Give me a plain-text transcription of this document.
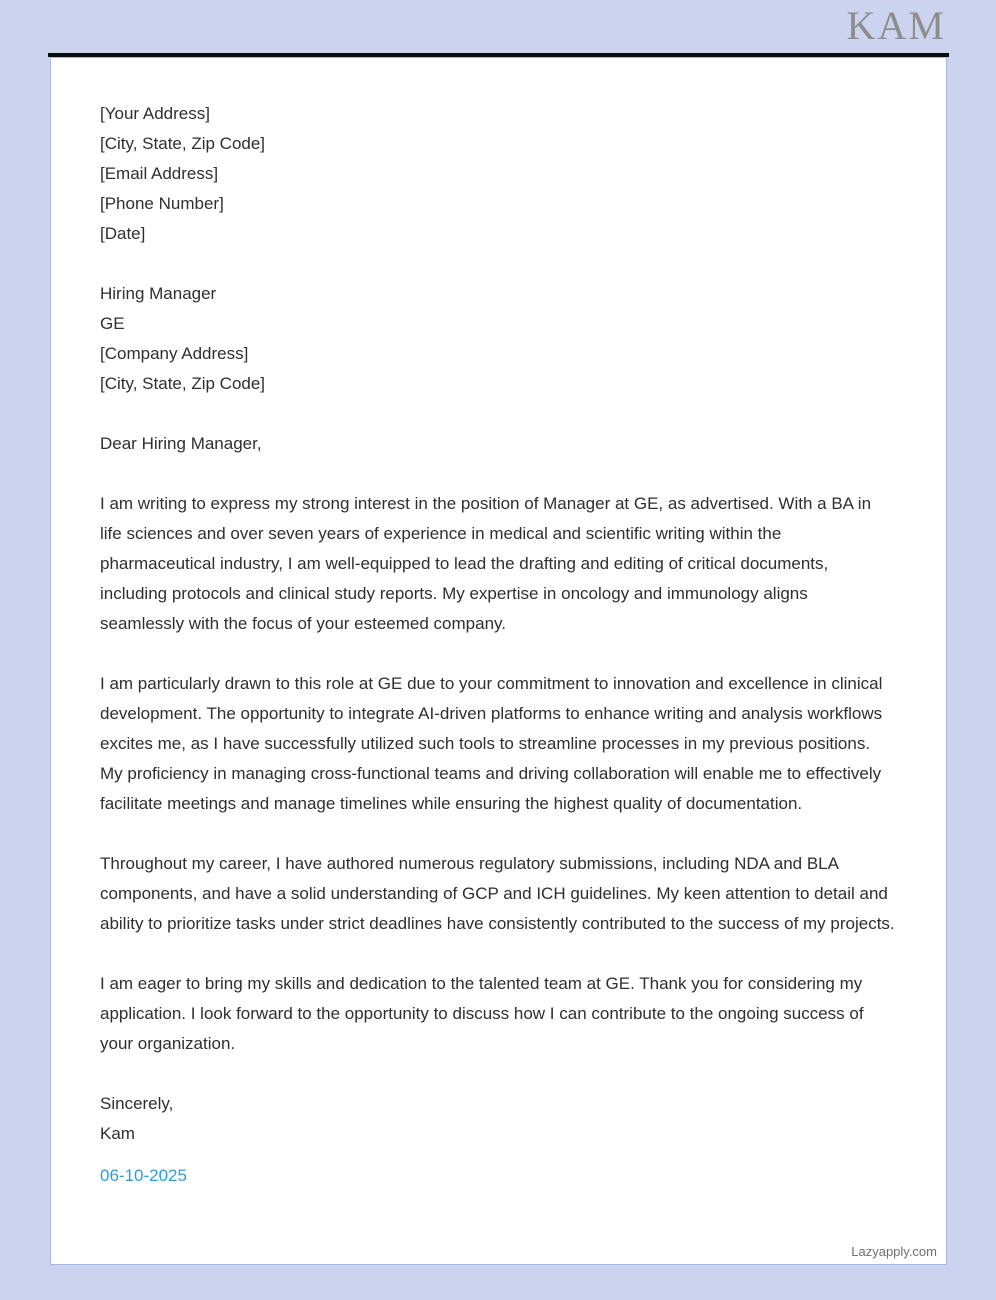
KAM
[Your Address]
[City, State, Zip Code]
[Email Address]
[Phone Number]
[Date]
Hiring Manager
GE
[Company Address]
[City, State, Zip Code]
Dear Hiring Manager,

I am writing to express my strong interest in the position of Manager at GE, as advertised. With a BA in life sciences and over seven years of experience in medical and scientific writing within the pharmaceutical industry, I am well-equipped to lead the drafting and editing of critical documents, including protocols and clinical study reports. My expertise in oncology and immunology aligns seamlessly with the focus of your esteemed company.

I am particularly drawn to this role at GE due to your commitment to innovation and excellence in clinical development. The opportunity to integrate AI-driven platforms to enhance writing and analysis workflows excites me, as I have successfully utilized such tools to streamline processes in my previous positions. My proficiency in managing cross-functional teams and driving collaboration will enable me to effectively facilitate meetings and manage timelines while ensuring the highest quality of documentation.

Throughout my career, I have authored numerous regulatory submissions, including NDA and BLA components, and have a solid understanding of GCP and ICH guidelines. My keen attention to detail and ability to prioritize tasks under strict deadlines have consistently contributed to the success of my projects.

I am eager to bring my skills and dedication to the talented team at GE. Thank you for considering my application. I look forward to the opportunity to discuss how I can contribute to the ongoing success of your organization.

Sincerely,
Kam
06-10-2025
Lazyapply.com
